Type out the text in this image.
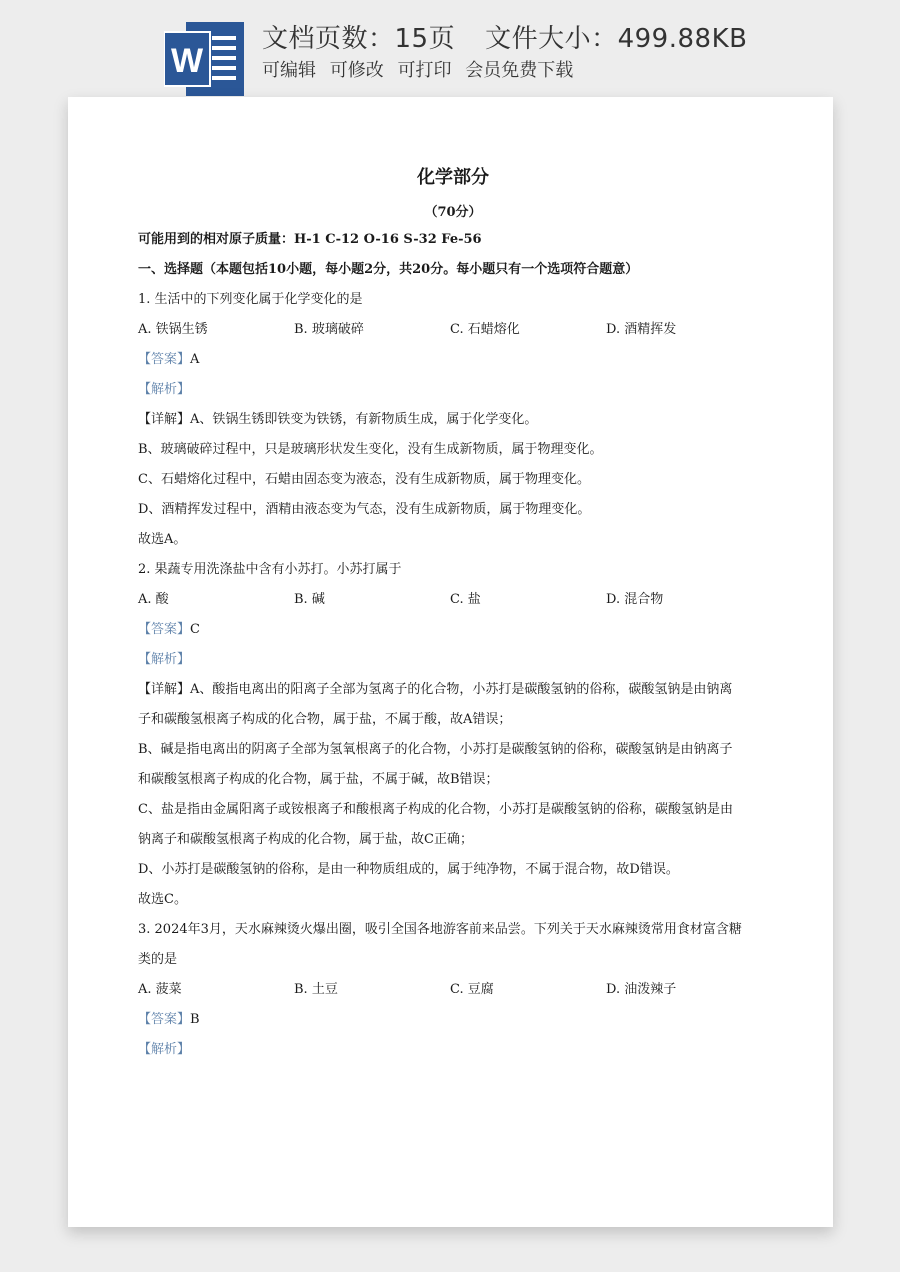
W
文档页数：15页 文件大小：499.88KB
可编辑 可修改 可打印 会员免费下载
化学部分
（70分）
可能用到的相对原子质量：H-1 C-12 O-16 S-32 Fe-56
一、选择题（本题包括10小题，每小题2分，共20分。每小题只有一个选项符合题意）
1. 生活中的下列变化属于化学变化的是
A. 铁锅生锈	B. 玻璃破碎	C. 石蜡熔化	D. 酒精挥发
【答案】A
【解析】
【详解】A、铁锅生锈即铁变为铁锈，有新物质生成，属于化学变化。
B、玻璃破碎过程中，只是玻璃形状发生变化，没有生成新物质，属于物理变化。
C、石蜡熔化过程中，石蜡由固态变为液态，没有生成新物质，属于物理变化。
D、酒精挥发过程中，酒精由液态变为气态，没有生成新物质，属于物理变化。
故选A。
2. 果蔬专用洗涤盐中含有小苏打。小苏打属于
A. 酸	B. 碱	C. 盐	D. 混合物
【答案】C
【解析】
【详解】A、酸指电离出的阳离子全部为氢离子的化合物，小苏打是碳酸氢钠的俗称，碳酸氢钠是由钠离
子和碳酸氢根离子构成的化合物，属于盐，不属于酸，故A错误；
B、碱是指电离出的阴离子全部为氢氧根离子的化合物，小苏打是碳酸氢钠的俗称，碳酸氢钠是由钠离子
和碳酸氢根离子构成的化合物，属于盐，不属于碱，故B错误；
C、盐是指由金属阳离子或铵根离子和酸根离子构成的化合物，小苏打是碳酸氢钠的俗称，碳酸氢钠是由
钠离子和碳酸氢根离子构成的化合物，属于盐，故C正确；
D、小苏打是碳酸氢钠的俗称，是由一种物质组成的，属于纯净物，不属于混合物，故D错误。
故选C。
3. 2024年3月，天水麻辣烫火爆出圈，吸引全国各地游客前来品尝。下列关于天水麻辣烫常用食材富含糖
类的是
A. 菠菜	B. 土豆	C. 豆腐	D. 油泼辣子
【答案】B
【解析】
